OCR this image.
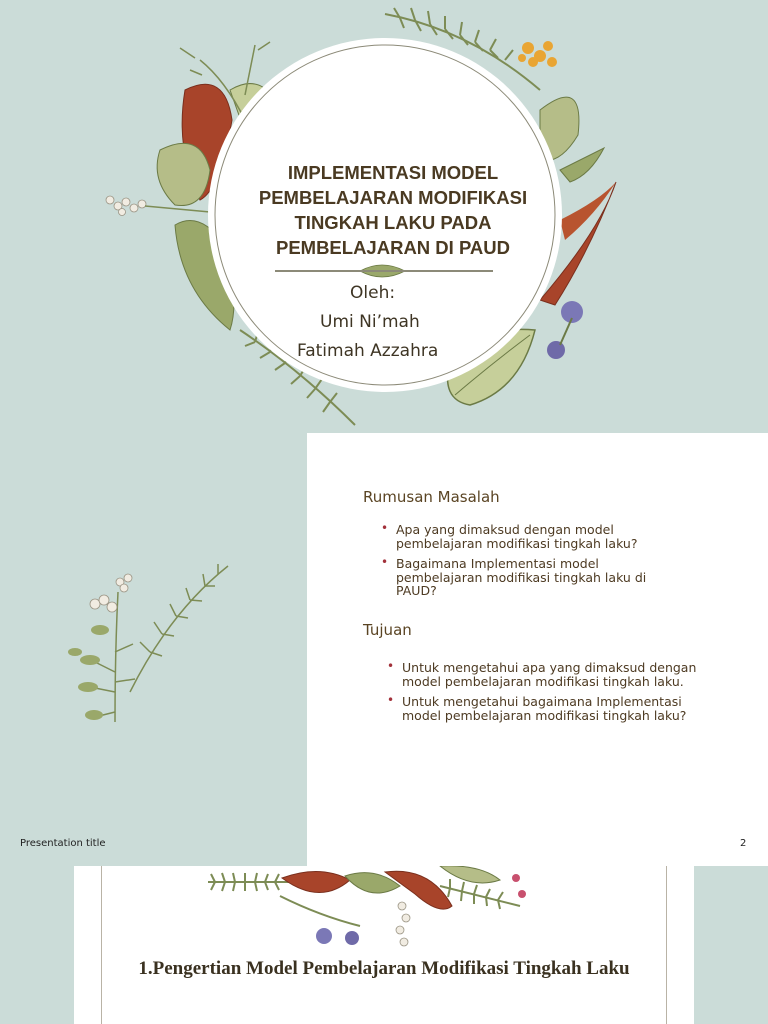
IMPLEMENTASI MODEL PEMBELAJARAN MODIFIKASI TINGKAH LAKU PADA PEMBELAJARAN DI PAUD
Oleh:
Umi Ni’mah
Fatimah Azzahra
Rumusan Masalah
• Apa yang dimaksud dengan model pembelajaran modifikasi tingkah laku?
• Bagaimana Implementasi model pembelajaran modifikasi tingkah laku di PAUD?
Tujuan
• Untuk mengetahui apa yang dimaksud dengan model pembelajaran modifikasi tingkah laku.
• Untuk mengetahui bagaimana Implementasi model pembelajaran modifikasi tingkah laku?
Presentation title	2
1.Pengertian Model Pembelajaran Modifikasi Tingkah Laku
